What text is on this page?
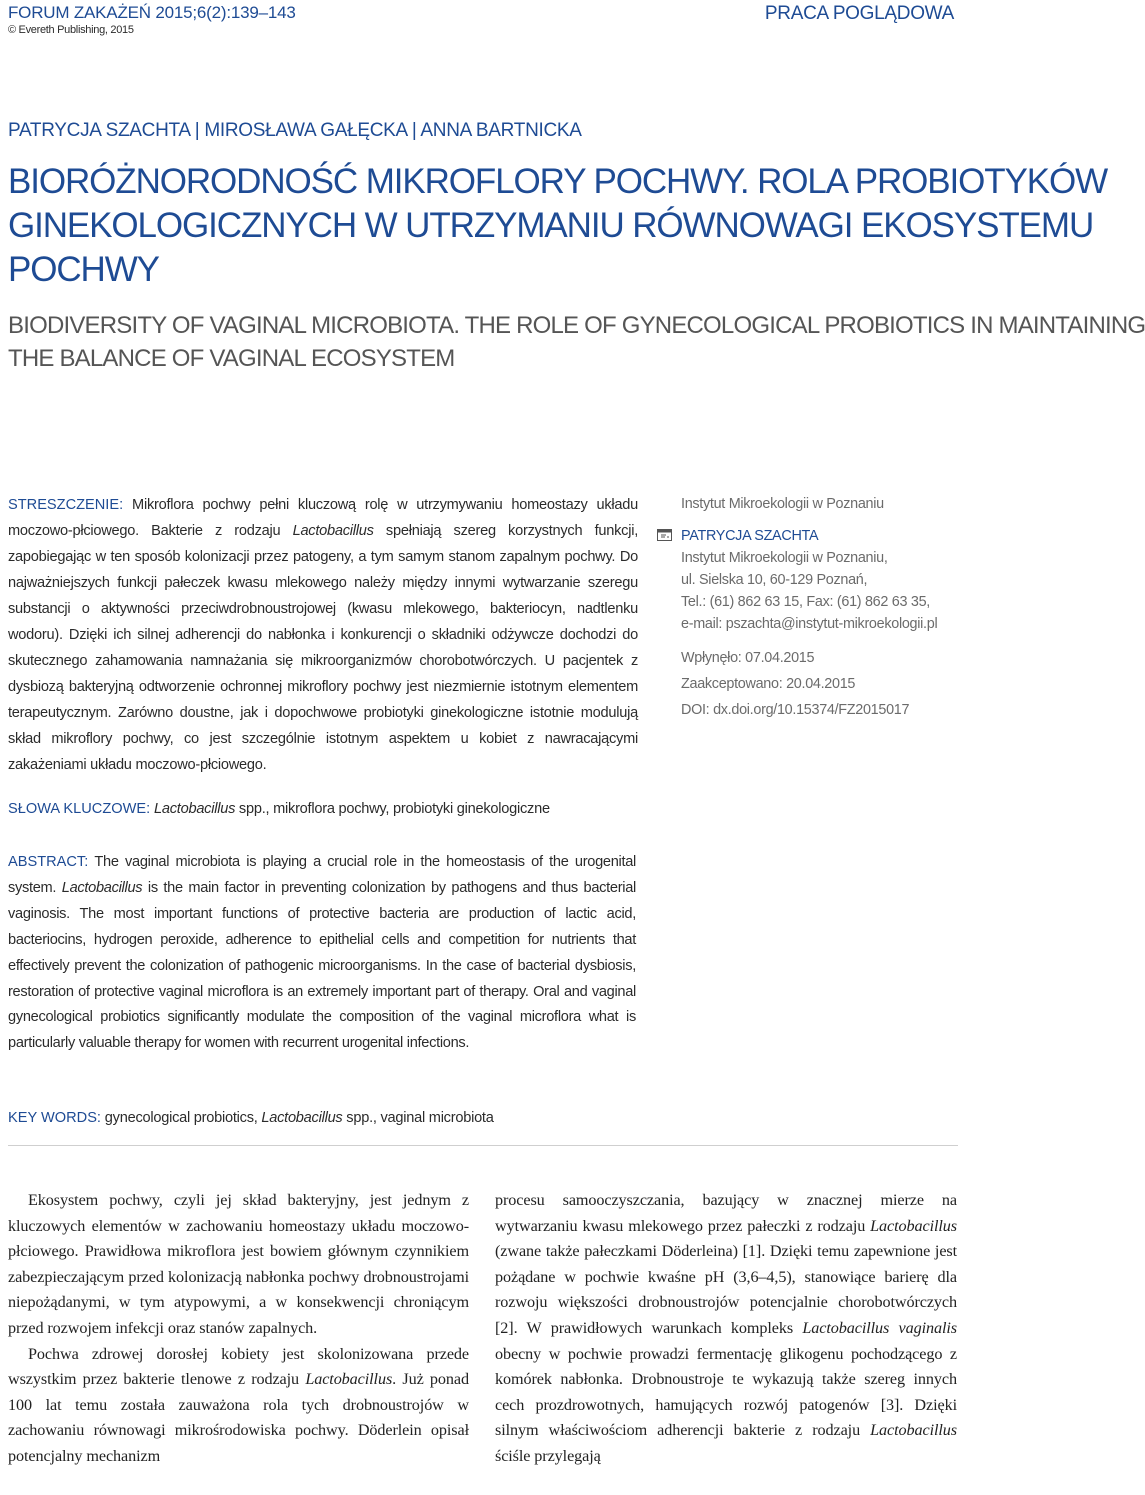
FORUM ZAKAŻEŃ 2015;6(2):139–143
© Evereth Publishing, 2015
PRACA POGLĄDOWA
PATRYCJA SZACHTA | MIROSŁAWA GAŁĘCKA | ANNA BARTNICKA
BIORÓŻNORODNOŚĆ MIKROFLORY POCHWY. ROLA PROBIOTYKÓW
GINEKOLOGICZNYCH W UTRZYMANIU RÓWNOWAGI EKOSYSTEMU
POCHWY
BIODIVERSITY OF VAGINAL MICROBIOTA. THE ROLE OF GYNECOLOGICAL PROBIOTICS IN MAINTAINING
THE BALANCE OF VAGINAL ECOSYSTEM
STRESZCZENIE: Mikroflora pochwy pełni kluczową rolę w utrzymywaniu homeostazy układu moczowo-płciowego. Bakterie z rodzaju Lactobacillus spełniają szereg korzystnych funkcji, zapobiegając w ten sposób kolonizacji przez patogeny, a tym samym stanom zapalnym pochwy. Do najważniejszych funkcji pałeczek kwasu mlekowego należy między innymi wytwarzanie szeregu substancji o aktywności przeciwdrobnoustrojowej (kwasu mlekowego, bakteriocyn, nadtlenku wodoru). Dzięki ich silnej adherencji do nabłonka i konkurencji o składniki odżywcze dochodzi do skutecznego zahamowania namnażania się mikroorganizmów chorobotwórczych. U pacjentek z dysbiozą bakteryjną odtworzenie ochronnej mikroflory pochwy jest niezmiernie istotnym elementem terapeutycznym. Zarówno doustne, jak i dopochwowe probiotyki ginekologiczne istotnie modulują skład mikroflory pochwy, co jest szczególnie istotnym aspektem u kobiet z nawracającymi zakażeniami układu moczowo-płciowego.
Instytut Mikroekologii w Poznaniu
PATRYCJA SZACHTA
Instytut Mikroekologii w Poznaniu,
ul. Sielska 10, 60-129 Poznań,
Tel.: (61) 862 63 15, Fax: (61) 862 63 35,
e-mail: pszachta@instytut-mikroekologii.pl
Wpłynęło: 07.04.2015
Zaakceptowano: 20.04.2015
DOI: dx.doi.org/10.15374/FZ2015017
SŁOWA KLUCZOWE: Lactobacillus spp., mikroflora pochwy, probiotyki ginekologiczne
ABSTRACT: The vaginal microbiota is playing a crucial role in the homeostasis of the urogenital system. Lactobacillus is the main factor in preventing colonization by pathogens and thus bacterial vaginosis. The most important functions of protective bacteria are production of lactic acid, bacteriocins, hydrogen peroxide, adherence to epithelial cells and competition for nutrients that effectively prevent the colonization of pathogenic microorganisms. In the case of bacterial dysbiosis, restoration of protective vaginal microflora is an extremely important part of therapy. Oral and vaginal gynecological probiotics significantly modulate the composition of the vaginal microflora what is particularly valuable therapy for women with recurrent urogenital infections.
KEY WORDS: gynecological probiotics, Lactobacillus spp., vaginal microbiota

Ekosystem pochwy, czyli jej skład bakteryjny, jest jednym z kluczowych elementów w zachowaniu homeostazy układu moczowo-płciowego. Prawidłowa mikroflora jest bowiem głównym czynnikiem zabezpieczającym przed kolonizacją nabłonka pochwy drobnoustrojami niepożądanymi, w tym atypowymi, a w konsekwencji chroniącym przed rozwojem infekcji oraz stanów zapalnych.

Pochwa zdrowej dorosłej kobiety jest skolonizowana przede wszystkim przez bakterie tlenowe z rodzaju Lactobacillus. Już ponad 100 lat temu została zauważona rola tych drobnoustrojów w zachowaniu równowagi mikrośrodowiska pochwy. Döderlein opisał potencjalny mechanizm

procesu samooczyszczania, bazujący w znacznej mierze na wytwarzaniu kwasu mlekowego przez pałeczki z rodzaju Lactobacillus (zwane także pałeczkami Döderleina) [1]. Dzięki temu zapewnione jest pożądane w pochwie kwaśne pH (3,6–4,5), stanowiące barierę dla rozwoju większości drobnoustrojów potencjalnie chorobotwórczych [2]. W prawidłowych warunkach kompleks Lactobacillus vaginalis obecny w pochwie prowadzi fermentację glikogenu pochodzącego z komórek nabłonka. Drobnoustroje te wykazują także szereg innych cech prozdrowotnych, hamujących rozwój patogenów [3]. Dzięki silnym właściwościom adherencji bakterie z rodzaju Lactobacillus ściśle przylegają
